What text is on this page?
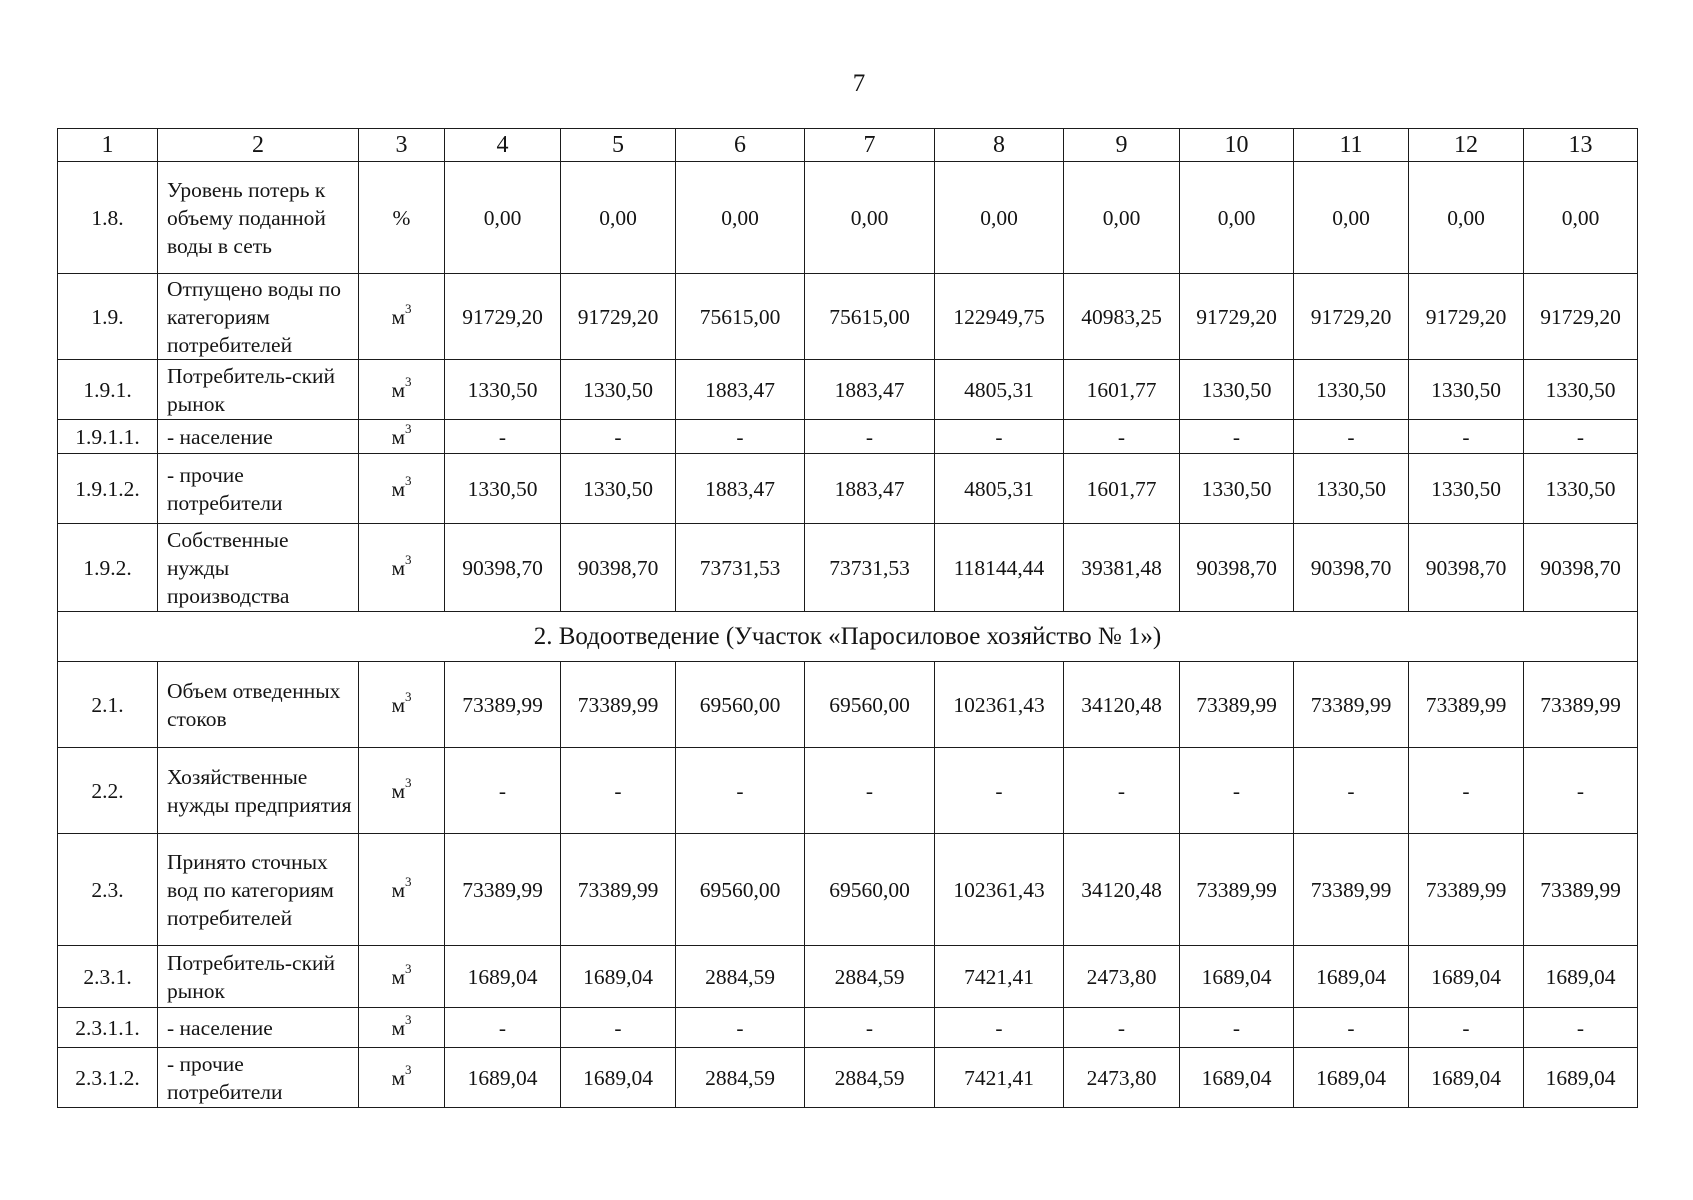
7
1	2	3	4	5	6	7	8	9	10	11	12	13
1.8.	Уровень потерь к объему поданной воды в сеть	%	0,00	0,00	0,00	0,00	0,00	0,00	0,00	0,00	0,00	0,00
1.9.	Отпущено воды по категориям потребителей	$м^3$	91729,20	91729,20	75615,00	75615,00	122949,75	40983,25	91729,20	91729,20	91729,20	91729,20
1.9.1.	Потребитель-ский рынок	$м^3$	1330,50	1330,50	1883,47	1883,47	4805,31	1601,77	1330,50	1330,50	1330,50	1330,50
1.9.1.1.	- население	$м^3$	-	-	-	-	-	-	-	-	-	-
1.9.1.2.	- прочие потребители	$м^3$	1330,50	1330,50	1883,47	1883,47	4805,31	1601,77	1330,50	1330,50	1330,50	1330,50
1.9.2.	Собственные нужды производства	$м^3$	90398,70	90398,70	73731,53	73731,53	118144,44	39381,48	90398,70	90398,70	90398,70	90398,70
2. Водоотведение (Участок «Паросиловое хозяйство № 1»)												
2.1.	Объем отведенных стоков	$м^3$	73389,99	73389,99	69560,00	69560,00	102361,43	34120,48	73389,99	73389,99	73389,99	73389,99
2.2.	Хозяйственные нужды предприятия	$м^3$	-	-	-	-	-	-	-	-	-	-
2.3.	Принято сточных вод по категориям потребителей	$м^3$	73389,99	73389,99	69560,00	69560,00	102361,43	34120,48	73389,99	73389,99	73389,99	73389,99
2.3.1.	Потребитель-ский рынок	$м^3$	1689,04	1689,04	2884,59	2884,59	7421,41	2473,80	1689,04	1689,04	1689,04	1689,04
2.3.1.1.	- население	$м^3$	-	-	-	-	-	-	-	-	-	-
2.3.1.2.	- прочие потребители	$м^3$	1689,04	1689,04	2884,59	2884,59	7421,41	2473,80	1689,04	1689,04	1689,04	1689,04
